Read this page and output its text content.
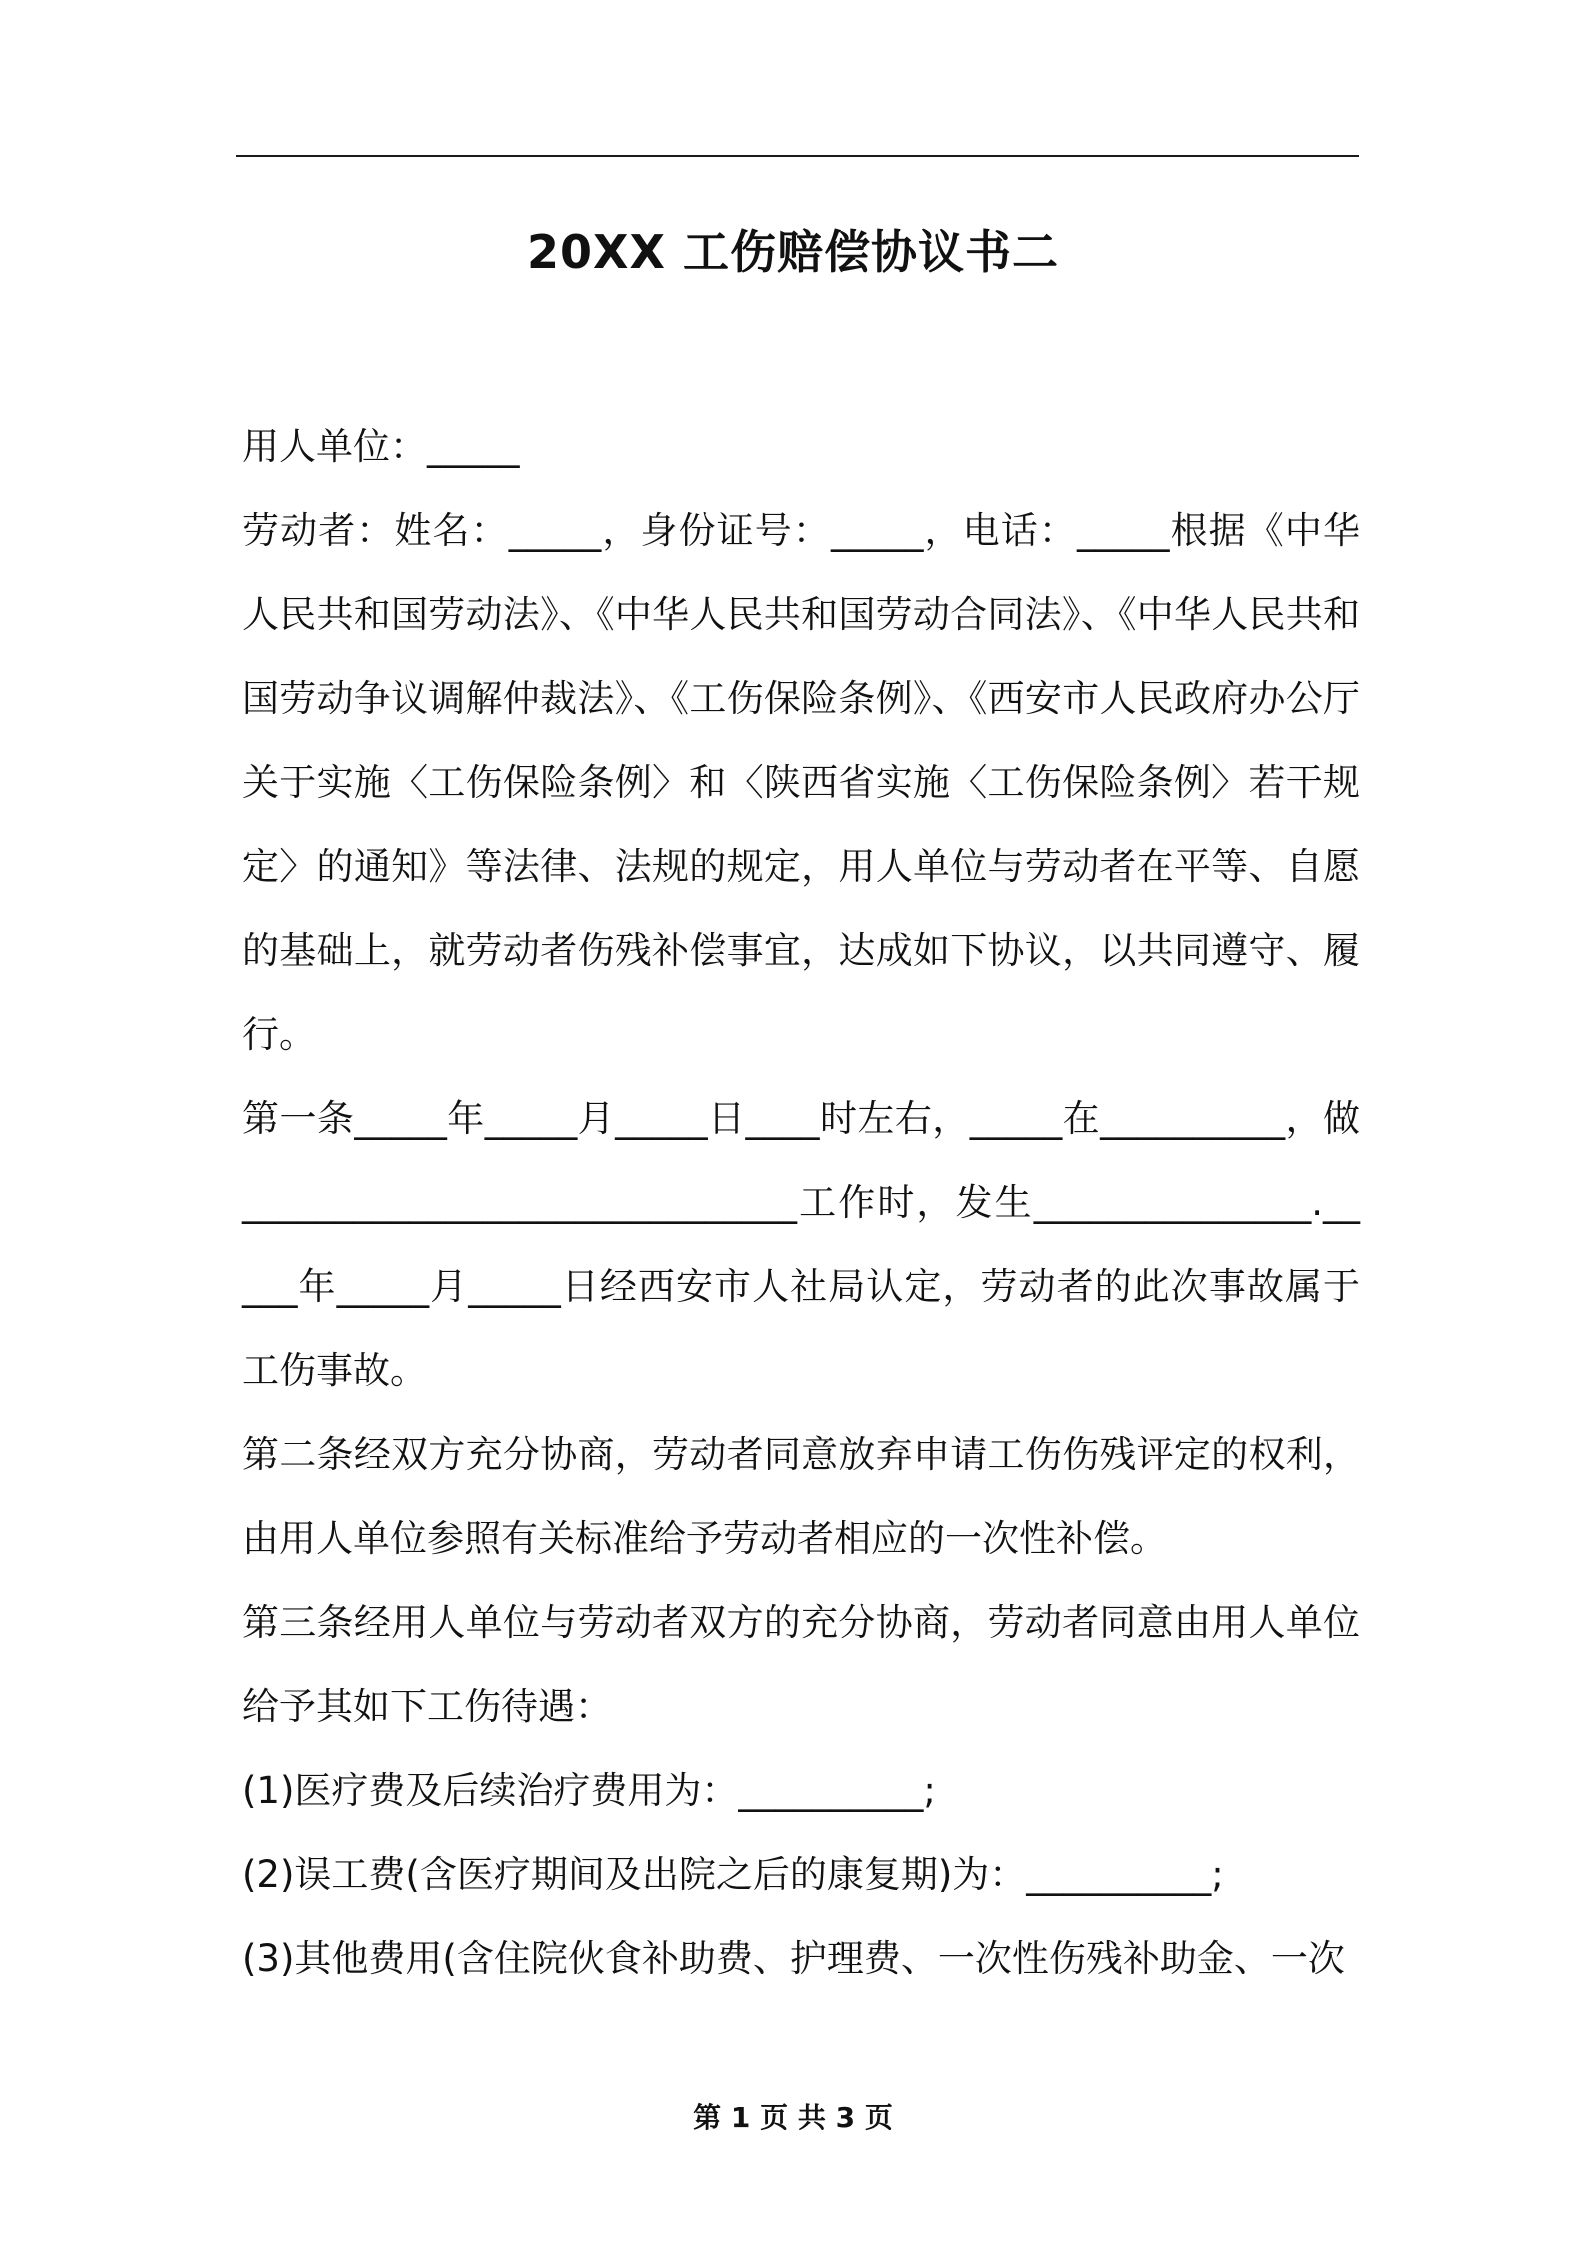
20XX 工伤赔偿协议书二

用人单位：_____

劳动者：姓名：_____，身份证号：_____，电话：_____根据《中华人民共和国劳动法》、《中华人民共和国劳动合同法》、《中华人民共和国劳动争议调解仲裁法》、《工伤保险条例》、《西安市人民政府办公厅关于实施〈工伤保险条例〉和〈陕西省实施〈工伤保险条例〉若干规定〉的通知》等法律、法规的规定，用人单位与劳动者在平等、自愿的基础上，就劳动者伤残补偿事宜，达成如下协议，以共同遵守、履行。

第一条_____年_____月_____日____时左右，_____在__________，做______________________________工作时，发生_______________._____年_____月_____日经西安市人社局认定，劳动者的此次事故属于工伤事故。

第二条经双方充分协商，劳动者同意放弃申请工伤伤残评定的权利，由用人单位参照有关标准给予劳动者相应的一次性补偿。

第三条经用人单位与劳动者双方的充分协商，劳动者同意由用人单位给予其如下工伤待遇：

(1)医疗费及后续治疗费用为：__________;

(2)误工费(含医疗期间及出院之后的康复期)为：__________;

(3)其他费用(含住院伙食补助费、护理费、一次性伤残补助金、一次

第 1 页 共 3 页
